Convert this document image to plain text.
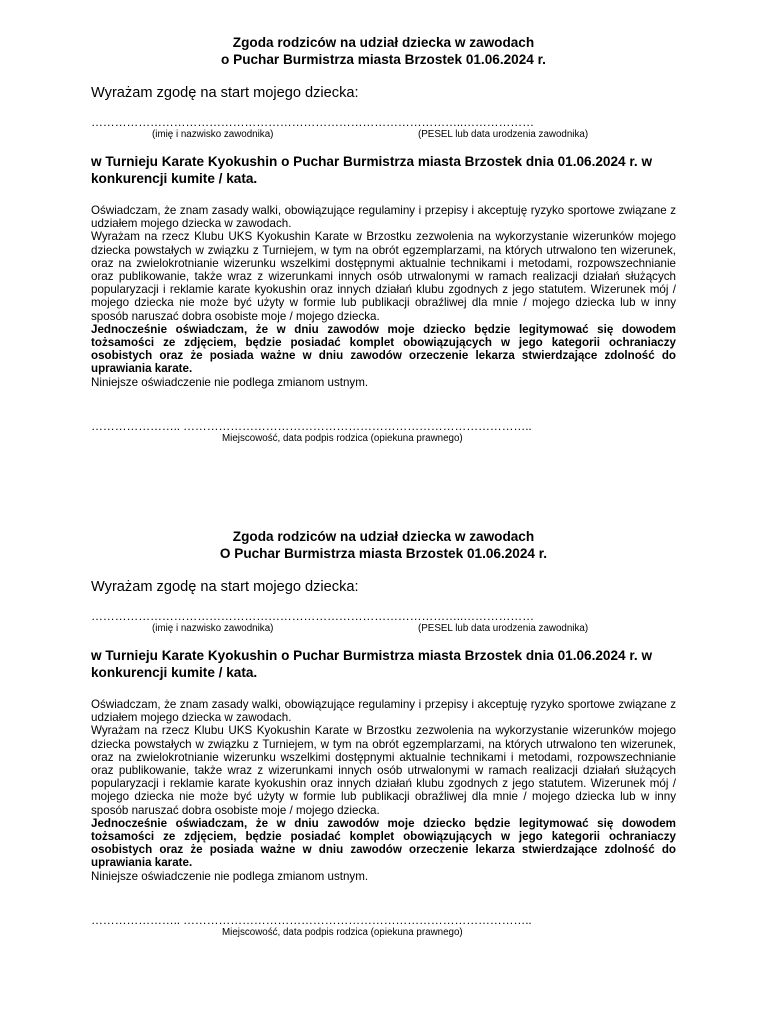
Zgoda rodziców na udział dziecka w zawodach
o Puchar Burmistrza miasta Brzostek 01.06.2024 r.
Wyrażam zgodę na start mojego dziecka:
…………………………………………………………………………………..………………
(imię i nazwisko zawodnika)	(PESEL lub data urodzenia zawodnika)
w Turnieju Karate Kyokushin o Puchar Burmistrza miasta Brzostek dnia 01.06.2024 r. w konkurencji kumite / kata.

Oświadczam, że znam zasady walki, obowiązujące regulaminy i przepisy i akceptuję ryzyko sportowe związane z udziałem mojego dziecka w zawodach.

Wyrażam na rzecz Klubu UKS Kyokushin Karate w Brzostku zezwolenia na wykorzystanie wizerunków mojego dziecka powstałych w związku z Turniejem, w tym na obrót egzemplarzami, na których utrwalono ten wizerunek, oraz na zwielokrotnianie wizerunku wszelkimi dostępnymi aktualnie technikami i metodami, rozpowszechnianie oraz publikowanie, także wraz z wizerunkami innych osób utrwalonymi w ramach realizacji działań służących popularyzacji i reklamie karate kyokushin oraz innych działań klubu zgodnych z jego statutem. Wizerunek mój / mojego dziecka nie może być użyty w formie lub publikacji obraźliwej dla mnie / mojego dziecka lub w inny sposób naruszać dobra osobiste moje / mojego dziecka.

Jednocześnie oświadczam, że w dniu zawodów moje dziecko będzie legitymować się dowodem tożsamości ze zdjęciem, będzie posiadać komplet obowiązujących w jego kategorii ochraniaczy osobistych oraz że posiada ważne w dniu zawodów orzeczenie lekarza stwierdzające zdolność do uprawiania karate.

Niniejsze oświadczenie nie podlega zmianom ustnym.

………………….. ……………………………………………………………………………..
Miejscowość, data podpis rodzica (opiekuna prawnego)
Zgoda rodziców na udział dziecka w zawodach
O Puchar Burmistrza miasta Brzostek 01.06.2024 r.
Wyrażam zgodę na start mojego dziecka:
…………………………………………………………………………………..………………
(imię i nazwisko zawodnika)	(PESEL lub data urodzenia zawodnika)
w Turnieju Karate Kyokushin o Puchar Burmistrza miasta Brzostek dnia 01.06.2024 r. w konkurencji kumite / kata.

Oświadczam, że znam zasady walki, obowiązujące regulaminy i przepisy i akceptuję ryzyko sportowe związane z udziałem mojego dziecka w zawodach.

Wyrażam na rzecz Klubu UKS Kyokushin Karate w Brzostku zezwolenia na wykorzystanie wizerunków mojego dziecka powstałych w związku z Turniejem, w tym na obrót egzemplarzami, na których utrwalono ten wizerunek, oraz na zwielokrotnianie wizerunku wszelkimi dostępnymi aktualnie technikami i metodami, rozpowszechnianie oraz publikowanie, także wraz z wizerunkami innych osób utrwalonymi w ramach realizacji działań służących popularyzacji i reklamie karate kyokushin oraz innych działań klubu zgodnych z jego statutem. Wizerunek mój / mojego dziecka nie może być użyty w formie lub publikacji obraźliwej dla mnie / mojego dziecka lub w inny sposób naruszać dobra osobiste moje / mojego dziecka.

Jednocześnie oświadczam, że w dniu zawodów moje dziecko będzie legitymować się dowodem tożsamości ze zdjęciem, będzie posiadać komplet obowiązujących w jego kategorii ochraniaczy osobistych oraz że posiada ważne w dniu zawodów orzeczenie lekarza stwierdzające zdolność do uprawiania karate.

Niniejsze oświadczenie nie podlega zmianom ustnym.

………………….. ……………………………………………………………………………..
Miejscowość, data podpis rodzica (opiekuna prawnego)
